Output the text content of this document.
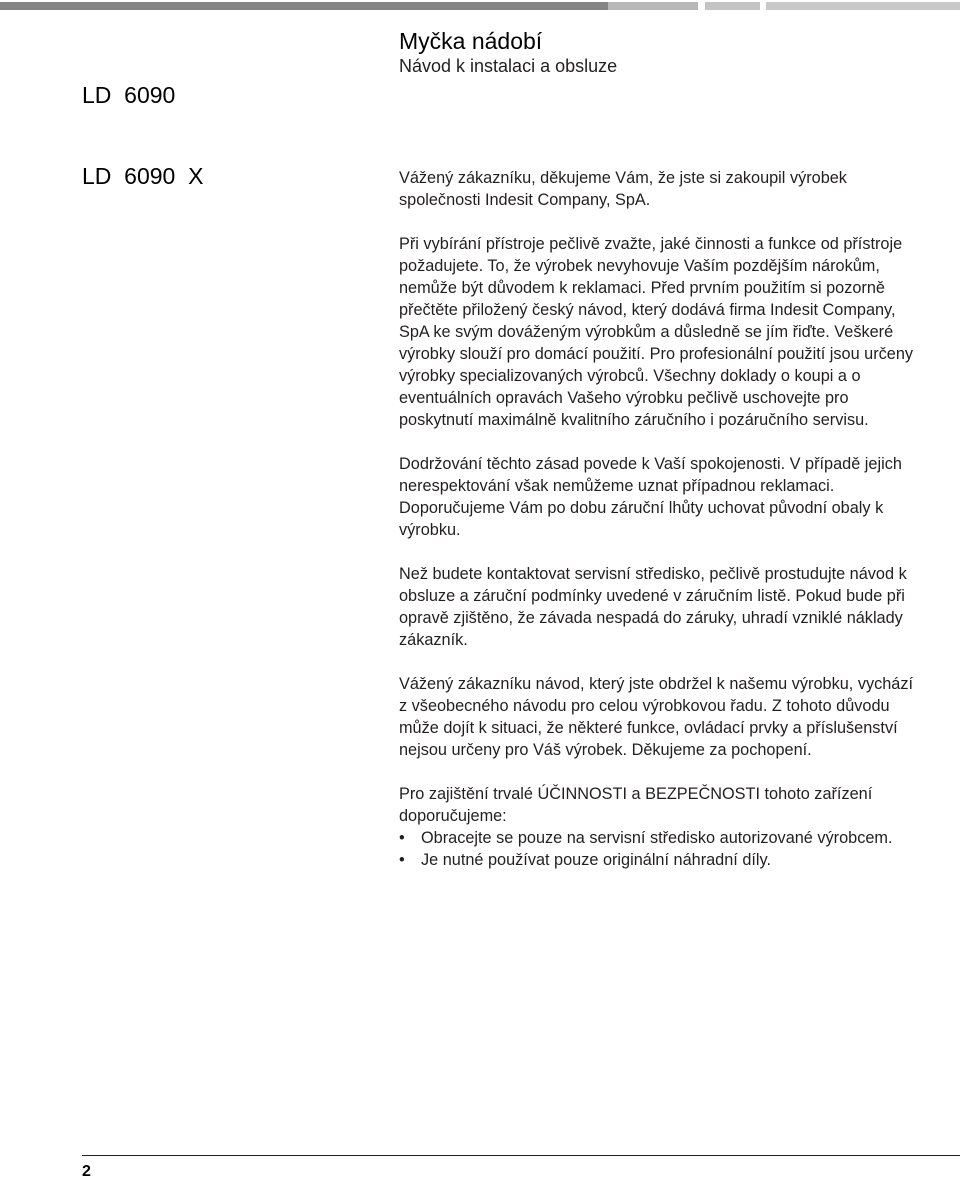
LD  6090

LD  6090  X

Myčka nádobí
Návod k instalaci a obsluze

Vážený zákazníku, děkujeme Vám, že jste si zakoupil výrobek společnosti Indesit Company, SpA.

Při vybírání přístroje pečlivě zvažte, jaké činnosti a funkce od přístroje požadujete. To, že výrobek nevyhovuje Vaším pozdějším nárokům, nemůže být důvodem k reklamaci. Před prvním použitím si pozorně přečtěte přiložený český návod, který dodává firma Indesit Company, SpA ke svým dováženým výrobkům a důsledně se jím řiďte. Veškeré výrobky slouží pro domácí použití. Pro profesionální použití jsou určeny výrobky specializovaných výrobců. Všechny doklady o koupi a o eventuálních opravách Vašeho výrobku pečlivě uschovejte pro poskytnutí maximálně kvalitního záručního i pozáručního servisu.

Dodržování těchto zásad povede k Vaší spokojenosti. V případě jejich nerespektování však nemůžeme uznat případnou reklamaci. Doporučujeme Vám po dobu záruční lhůty uchovat původní obaly k výrobku.

Než budete kontaktovat servisní středisko, pečlivě prostudujte návod k obsluze a záruční podmínky uvedené v záručním listě. Pokud bude při opravě zjištěno, že závada nespadá do záruky, uhradí vzniklé náklady zákazník.

Vážený zákazníku návod, který jste obdržel k našemu výrobku, vychází z všeobecného návodu pro celou výrobkovou řadu. Z tohoto důvodu může dojít k situaci, že některé funkce, ovládací prvky a příslušenství nejsou určeny pro Váš výrobek. Děkujeme za pochopení.

Pro zajištění trvalé ÚČINNOSTI a BEZPEČNOSTI tohoto zařízení doporučujeme:

• Obracejte se pouze na servisní středisko autorizované výrobcem.
• Je nutné používat pouze originální náhradní díly.
2
